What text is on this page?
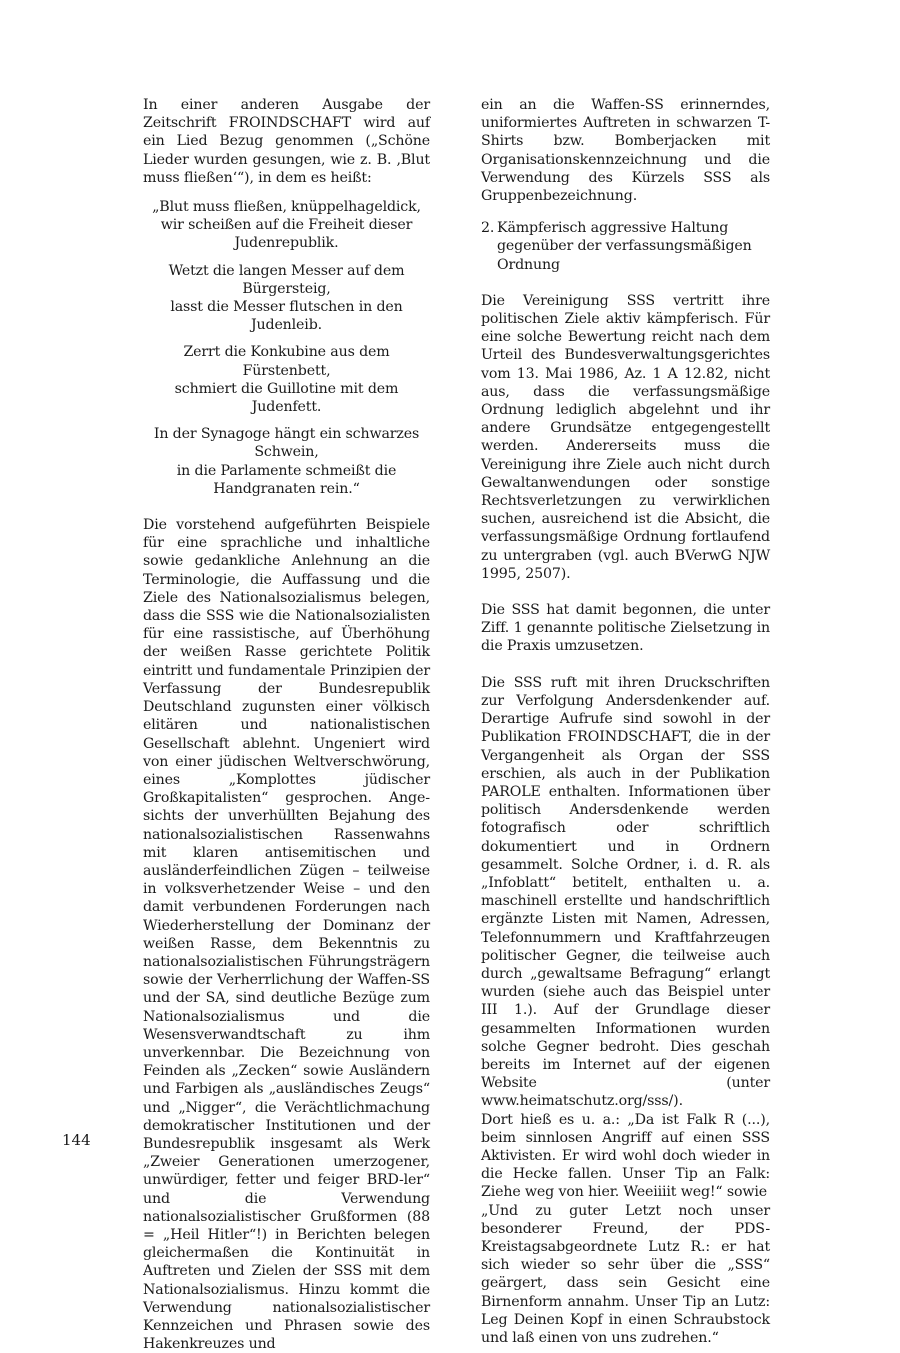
In einer anderen Ausgabe der Zeitschrift FROINDSCHAFT wird auf ein Lied Bezug genommen („Schöne Lieder wurden gesungen, wie z. B. ‚Blut muss fließen‘“), in dem es heißt:

„Blut muss fließen, knüppelhageldick,
wir scheißen auf die Freiheit dieser Judenrepublik.
Wetzt die langen Messer auf dem Bürgersteig,
lasst die Messer flutschen in den Judenleib.
Zerrt die Konkubine aus dem Fürstenbett,
schmiert die Guillotine mit dem Judenfett.
In der Synagoge hängt ein schwarzes Schwein,
in die Parlamente schmeißt die Handgranaten rein.“

Die vorstehend aufgeführten Beispiele für eine sprachliche und inhaltliche sowie gedankliche Anlehnung an die Terminologie, die Auffassung und die Ziele des Nationalsozialismus belegen, dass die SSS wie die Nationalsozialisten für eine rassistische, auf Überhöhung der weißen Rasse gerichtete Politik eintritt und fundamentale Prinzipien der Verfassung der Bundesrepublik Deutschland zugunsten einer völkisch elitären und nationalistischen Gesellschaft ablehnt. Ungeniert wird von einer jüdischen Weltverschwörung, eines „Komplottes jüdischer Großkapitalisten“ gesprochen. Angesichts der unverhüllten Bejahung des nationalsozialistischen Rassenwahns mit klaren antisemitischen und ausländerfeindlichen Zügen – teilweise in volksverhetzender Weise – und den damit verbundenen Forderungen nach Wiederherstellung der Dominanz der weißen Rasse, dem Bekenntnis zu nationalsozialistischen Führungsträgern sowie der Verherrlichung der Waffen-SS und der SA, sind deutliche Bezüge zum Nationalsozialismus und die Wesensverwandtschaft zu ihm unverkennbar. Die Bezeichnung von Feinden als „Zecken“ sowie Ausländern und Farbigen als „ausländisches Zeugs“ und „Nigger“, die Verächtlichmachung demokratischer Institutionen und der Bundesrepublik insgesamt als Werk „Zweier Generationen umerzogener, unwürdiger, fetter und feiger BRD-ler“ und die Verwendung nationalsozialistischer Grußformen (88 = „Heil Hitler“!) in Berichten belegen gleichermaßen die Kontinuität in Auftreten und Zielen der SSS mit dem Nationalsozialismus. Hinzu kommt die Verwendung nationalsozialistischer Kennzeichen und Phrasen sowie des Hakenkreuzes und

ein an die Waffen-SS erinnerndes, uniformiertes Auftreten in schwarzen T-Shirts bzw. Bomberjacken mit Organisationskennzeichnung und die Verwendung des Kürzels SSS als Gruppenbezeichnung.

2. Kämpferisch aggressive Haltung gegenüber der verfassungsmäßigen Ordnung

Die Vereinigung SSS vertritt ihre politischen Ziele aktiv kämpferisch. Für eine solche Bewertung reicht nach dem Urteil des Bundesverwaltungsgerichtes vom 13. Mai 1986, Az. 1 A 12.82, nicht aus, dass die verfassungsmäßige Ordnung lediglich abgelehnt und ihr andere Grundsätze entgegengestellt werden. Andererseits muss die Vereinigung ihre Ziele auch nicht durch Gewaltanwendungen oder sonstige Rechtsverletzungen zu verwirklichen suchen, ausreichend ist die Absicht, die verfassungsmäßige Ordnung fortlaufend zu untergraben (vgl. auch BVerwG NJW 1995, 2507).

Die SSS hat damit begonnen, die unter Ziff. 1 genannte politische Zielsetzung in die Praxis umzusetzen.

Die SSS ruft mit ihren Druckschriften zur Verfolgung Andersdenkender auf. Derartige Aufrufe sind sowohl in der Publikation FROINDSCHAFT, die in der Vergangenheit als Organ der SSS erschien, als auch in der Publikation PAROLE enthalten. Informationen über politisch Andersdenkende werden fotografisch oder schriftlich dokumentiert und in Ordnern gesammelt. Solche Ordner, i. d. R. als „Infoblatt“ betitelt, enthalten u. a. maschinell erstellte und handschriftlich ergänzte Listen mit Namen, Adressen, Telefonnummern und Kraftfahrzeugen politischer Gegner, die teilweise auch durch „gewaltsame Befragung“ erlangt wurden (siehe auch das Beispiel unter III 1.). Auf der Grundlage dieser gesammelten Informationen wurden solche Gegner bedroht. Dies geschah bereits im Internet auf der eigenen Website (unter www.heimatschutz.org/sss/).

Dort hieß es u. a.: „Da ist Falk R (...), beim sinnlosen Angriff auf einen SSS Aktivisten. Er wird wohl doch wieder in die Hecke fallen. Unser Tip an Falk: Ziehe weg von hier. Weeiiiit weg!“ sowie

„Und zu guter Letzt noch unser besonderer Freund, der PDS-Kreistagsabgeordnete Lutz R.: er hat sich wieder so sehr über die „SSS“ geärgert, dass sein Gesicht eine Birnenform annahm. Unser Tip an Lutz: Leg Deinen Kopf in einen Schraubstock und laß einen von uns zudrehen.“

144
